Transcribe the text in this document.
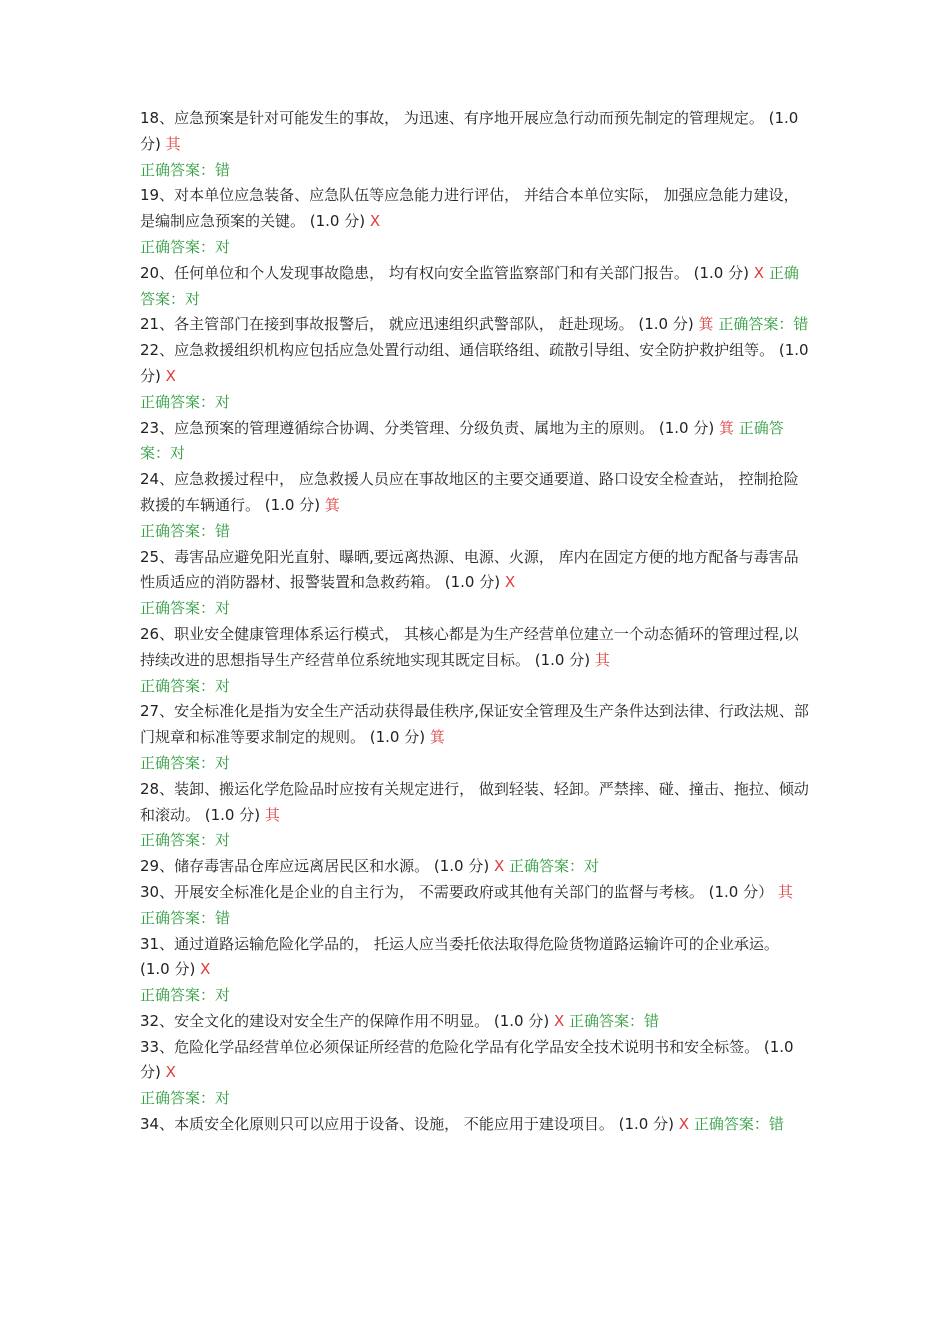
18、应急预案是针对可能发生的事故， 为迅速、有序地开展应急行动而预先制定的管理规定。 (1.0 分) 其
正确答案：错
19、对本单位应急装备、应急队伍等应急能力进行评估， 并结合本单位实际， 加强应急能力建设， 是编制应急预案的关键。 (1.0 分) X
正确答案：对
20、任何单位和个人发现事故隐患， 均有权向安全监管监察部门和有关部门报告。 (1.0 分) X 正确答案：对
21、各主管部门在接到事故报警后， 就应迅速组织武警部队， 赶赴现场。 (1.0 分) 箕 正确答案：错
22、应急救援组织机构应包括应急处置行动组、通信联络组、疏散引导组、安全防护救护组等。 (1.0 分) X
正确答案：对
23、应急预案的管理遵循综合协调、分类管理、分级负责、属地为主的原则。 (1.0 分) 箕 正确答案：对
24、应急救援过程中， 应急救援人员应在事故地区的主要交通要道、路口设安全检查站， 控制抢险救援的车辆通行。 (1.0 分) 箕
正确答案：错
25、毒害品应避免阳光直射、曝晒,要远离热源、电源、火源， 库内在固定方便的地方配备与毒害品性质适应的消防器材、报警装置和急救药箱。 (1.0 分) X
正确答案：对
26、职业安全健康管理体系运行模式， 其核心都是为生产经营单位建立一个动态循环的管理过程,以持续改进的思想指导生产经营单位系统地实现其既定目标。 (1.0 分) 其
正确答案：对
27、安全标准化是指为安全生产活动获得最佳秩序,保证安全管理及生产条件达到法律、行政法规、部门规章和标准等要求制定的规则。 (1.0 分) 箕
正确答案：对
28、装卸、搬运化学危险品时应按有关规定进行， 做到轻装、轻卸。严禁摔、碰、撞击、拖拉、倾动和滚动。 (1.0 分) 其
正确答案：对
29、储存毒害品仓库应远离居民区和水源。 (1.0 分) X 正确答案：对
30、开展安全标准化是企业的自主行为， 不需要政府或其他有关部门的监督与考核。 (1.0 分） 其
正确答案：错
31、通过道路运输危险化学品的， 托运人应当委托依法取得危险货物道路运输许可的企业承运。 (1.0 分) X
正确答案：对
32、安全文化的建设对安全生产的保障作用不明显。 (1.0 分) X 正确答案：错
33、危险化学品经营单位必须保证所经营的危险化学品有化学品安全技术说明书和安全标签。 (1.0 分) X
正确答案：对
34、本质安全化原则只可以应用于设备、设施， 不能应用于建设项目。 (1.0 分) X 正确答案：错
